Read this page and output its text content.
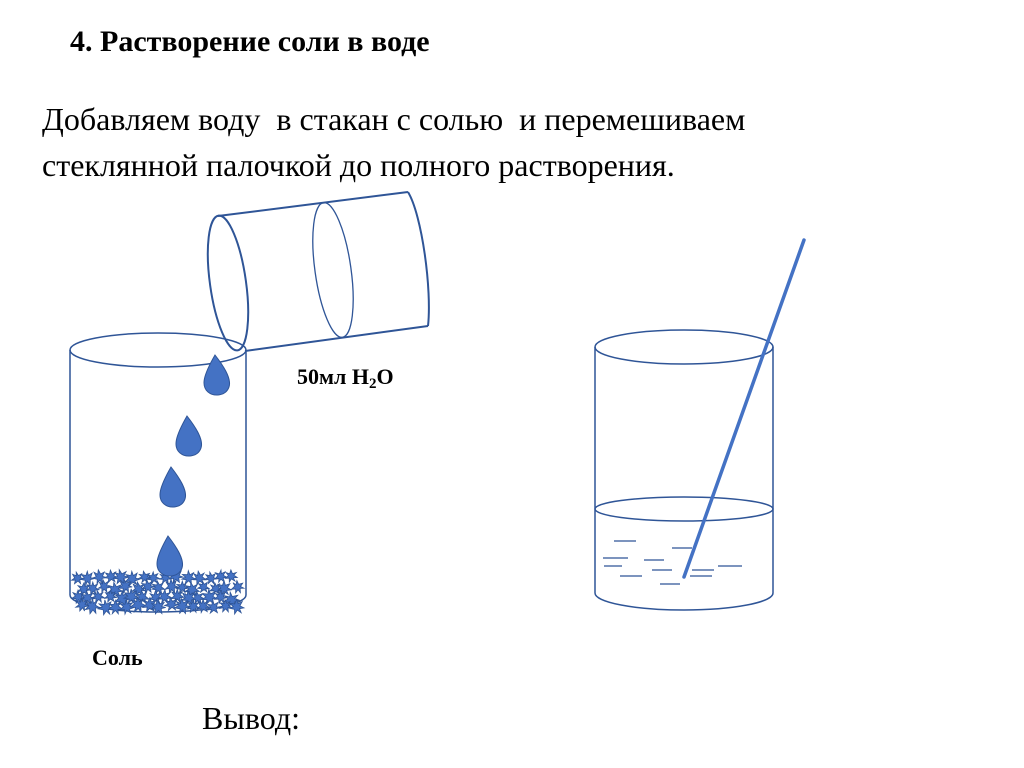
4. Растворение соли в воде

Добавляем воду  в стакан с солью  и перемешиваем
стеклянной палочкой до полного растворения.

50мл $H_2O$
Соль
Вывод:
